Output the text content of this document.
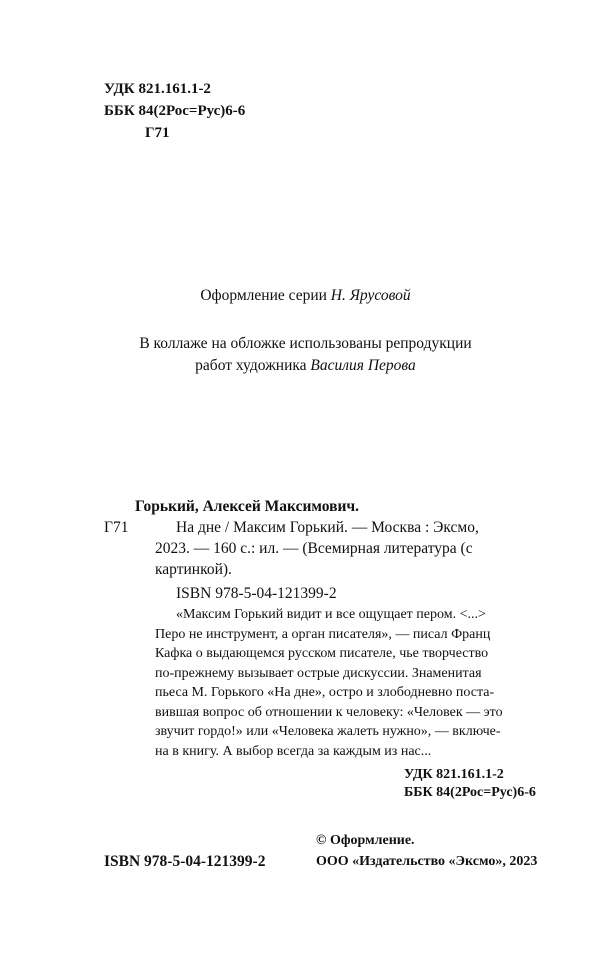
УДК 821.161.1-2
ББК 84(2Рос=Рус)6-6
Г71
Оформление серии Н. Ярусовой
В коллаже на обложке использованы репродукции
работ художника Василия Перова
Горький, Алексей Максимович.
Г71	На дне / Максим Горький. — Москва : Эксмо,
2023. — 160 с.: ил. — (Всемирная литература (с
картинкой).
ISBN 978-5-04-121399-2
«Максим Горький видит и все ощущает пером. <...>
Перо не инструмент, а орган писателя», — писал Франц
Кафка о выдающемся русском писателе, чье творчество
по-прежнему вызывает острые дискуссии. Знаменитая
пьеса М. Горького «На дне», остро и злободневно поста-
вившая вопрос об отношении к человеку: «Человек — это
звучит гордо!» или «Человека жалеть нужно», — включе-
на в книгу. А выбор всегда за каждым из нас...
УДК 821.161.1-2
ББК 84(2Рос=Рус)6-6
© Оформление.
ISBN 978-5-04-121399-2	ООО «Издательство «Эксмо», 2023
